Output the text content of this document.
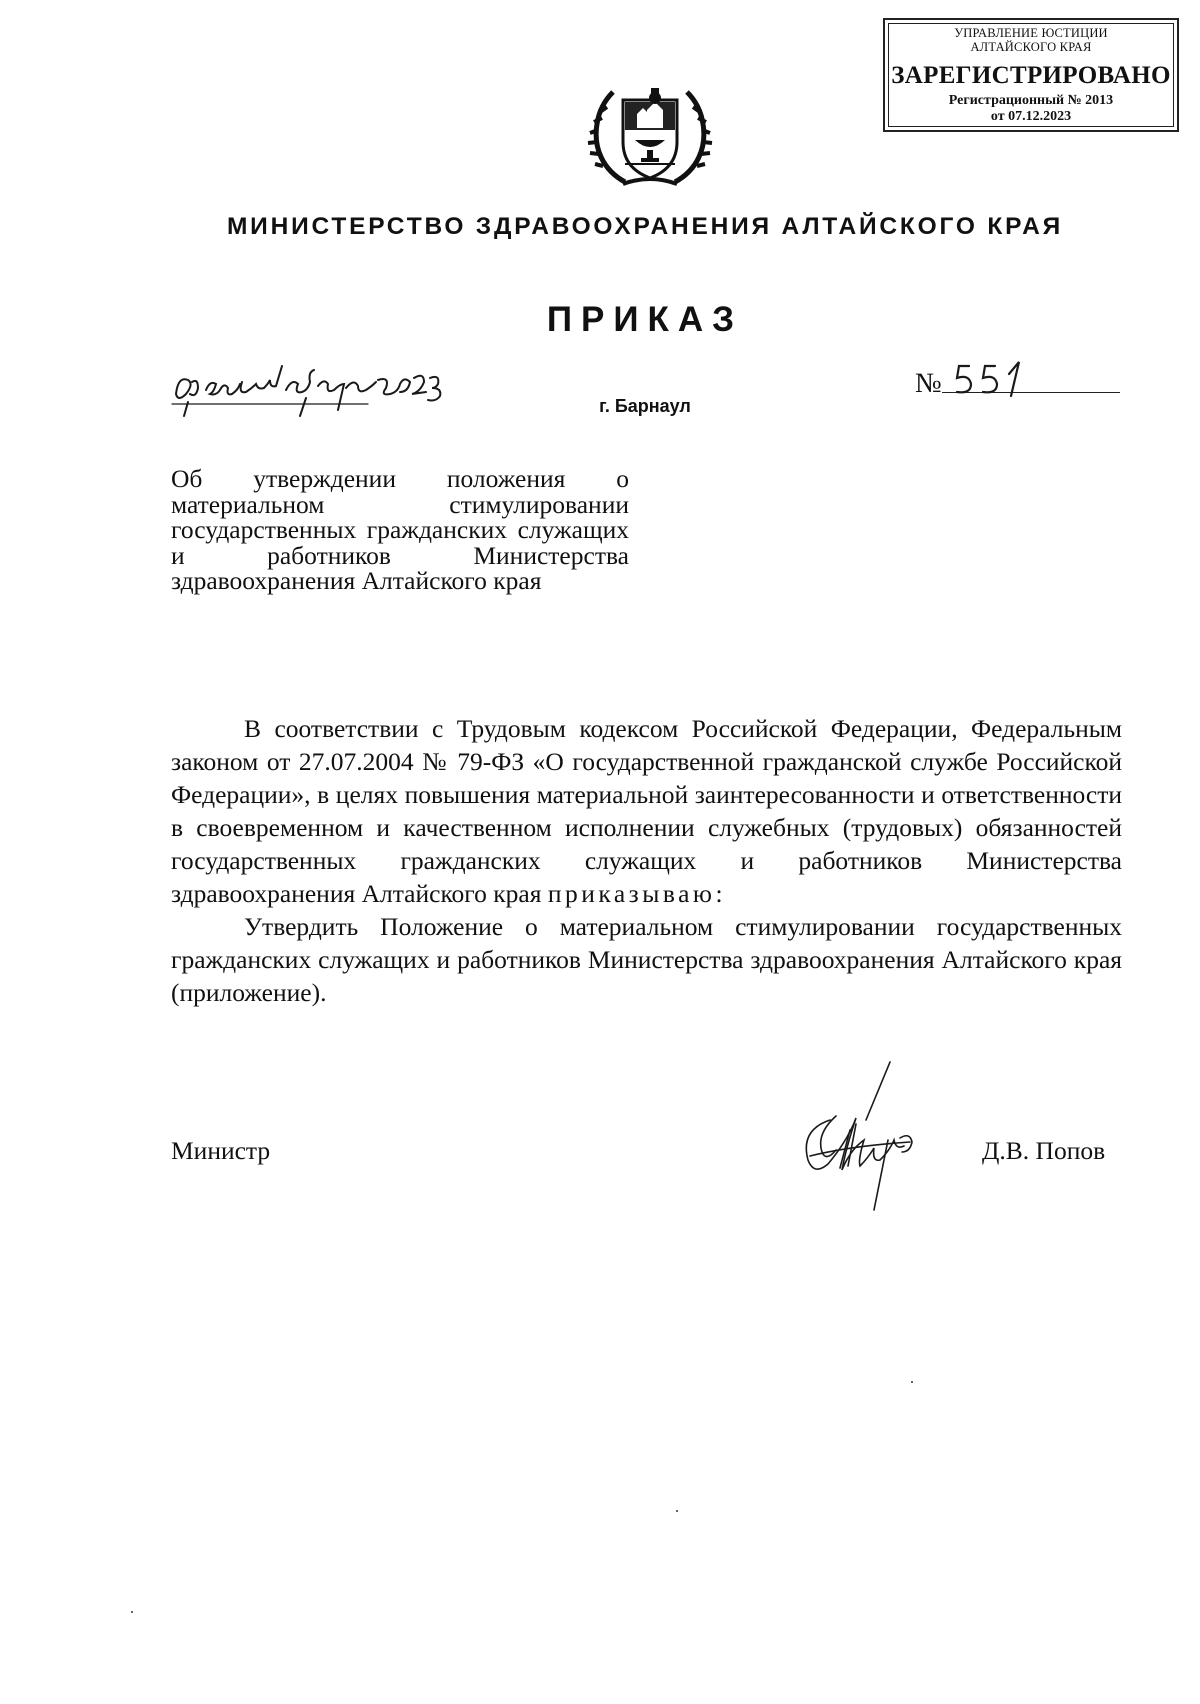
УПРАВЛЕНИЕ ЮСТИЦИИ
АЛТАЙСКОГО КРАЯ
ЗАРЕГИСТРИРОВАНО
Регистрационный № 2013
от 07.12.2023
МИНИСТЕРСТВО ЗДРАВООХРАНЕНИЯ АЛТАЙСКОГО КРАЯ
ПРИКАЗ
г. Барнаул
№
Об утверждении положения о материальном стимулировании государственных гражданских служащих и работников Министерства здравоохранения Алтайского края

В соответствии с Трудовым кодексом Российской Федерации, Федеральным законом от 27.07.2004 № 79-ФЗ «О государственной гражданской службе Российской Федерации», в целях повышения материальной заинтересованности и ответственности в своевременном и качественном исполнении служебных (трудовых) обязанностей государственных гражданских служащих и работников Министерства здравоохранения Алтайского края приказываю:

Утвердить Положение о материальном стимулировании государственных гражданских служащих и работников Министерства здравоохранения Алтайского края (приложение).

Министр	Д.В. Попов
